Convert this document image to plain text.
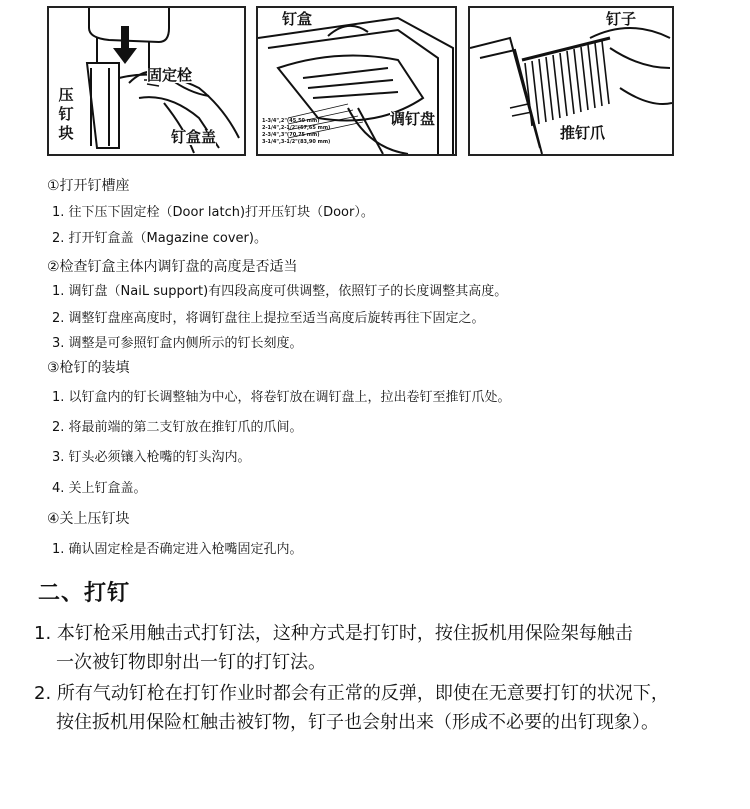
固定栓
钉盒盖
压钉块
钉盒
调钉盘
1-3/4",2"(45,50 mm)
2-1/4",2-1/2"(57,65 mm)
2-3/4",3"(70,75 mm)
3-1/4",3-1/2"(83,90 mm)
钉子
推钉爪
①打开钉槽座
1. 往下压下固定栓（Door latch)打开压钉块（Door）。
2. 打开钉盒盖（Magazine cover)。
②检查钉盒主体内调钉盘的高度是否适当
1. 调钉盘（NaiL support)有四段高度可供调整，依照钉子的长度调整其高度。
2. 调整钉盘座高度时，将调钉盘往上提拉至适当高度后旋转再往下固定之。
3. 调整是可参照钉盒内侧所示的钉长刻度。
③枪钉的装填
1. 以钉盒内的钉长调整轴为中心，将卷钉放在调钉盘上，拉出卷钉至推钉爪处。
2. 将最前端的第二支钉放在推钉爪的爪间。
3. 钉头必须镶入枪嘴的钉头沟内。
4. 关上钉盒盖。
④关上压钉块
1. 确认固定栓是否确定进入枪嘴固定孔内。
二、打钉
1. 本钉枪采用触击式打钉法，这种方式是打钉时，按住扳机用保险架每触击
一次被钉物即射出一钉的打钉法。
2. 所有气动钉枪在打钉作业时都会有正常的反弹，即使在无意要打钉的状况下，
按住扳机用保险杠触击被钉物，钉子也会射出来（形成不必要的出钉现象）。
